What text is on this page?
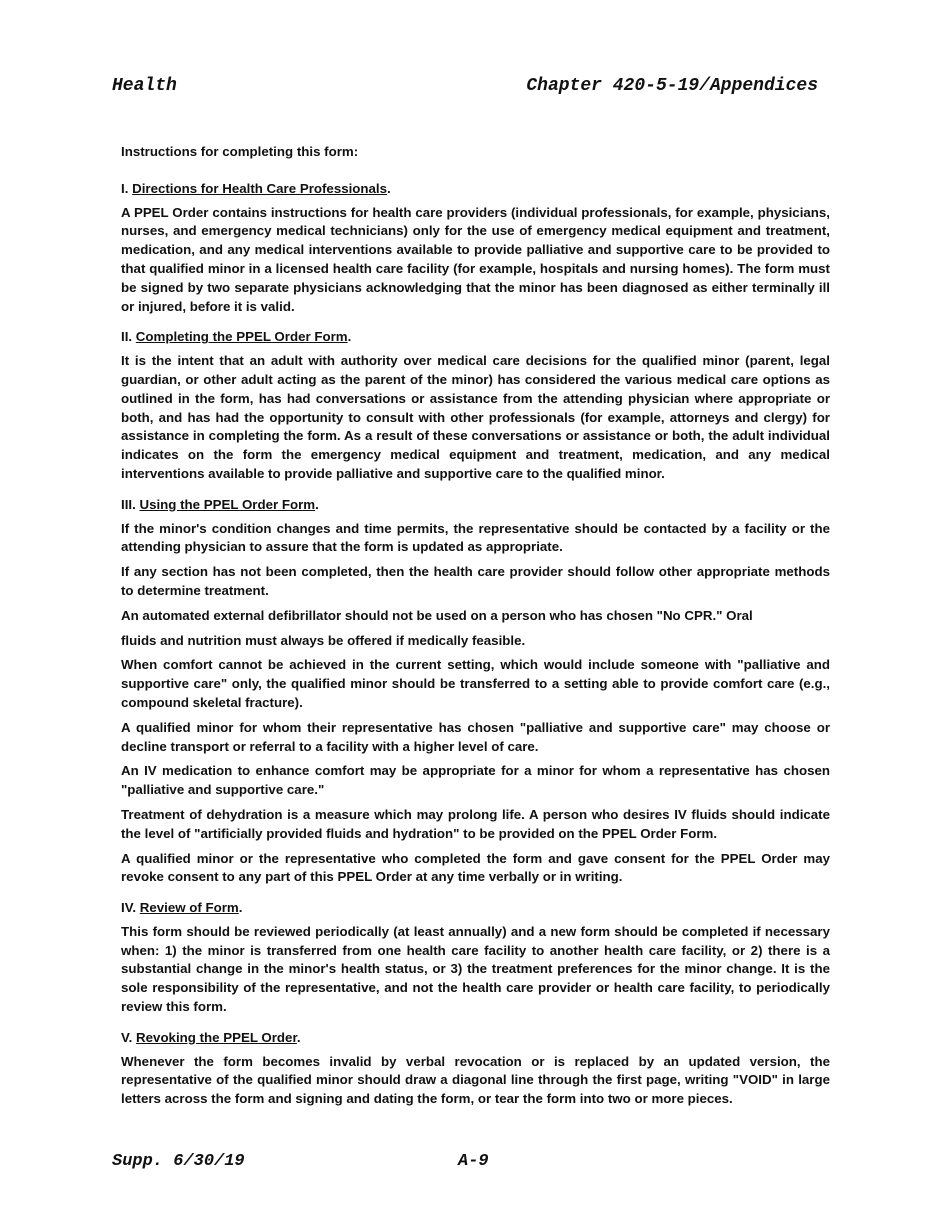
Health	Chapter 420-5-19/Appendices

Instructions for completing this form:

I. Directions for Health Care Professionals.

A PPEL Order contains instructions for health care providers (individual professionals, for example, physicians, nurses, and emergency medical technicians) only for the use of emergency medical equipment and treatment, medication, and any medical interventions available to provide palliative and supportive care to be provided to that qualified minor in a licensed health care facility (for example, hospitals and nursing homes). The form must be signed by two separate physicians acknowledging that the minor has been diagnosed as either terminally ill or injured, before it is valid.

II. Completing the PPEL Order Form.

It is the intent that an adult with authority over medical care decisions for the qualified minor (parent, legal guardian, or other adult acting as the parent of the minor) has considered the various medical care options as outlined in the form, has had conversations or assistance from the attending physician where appropriate or both, and has had the opportunity to consult with other professionals (for example, attorneys and clergy) for assistance in completing the form. As a result of these conversations or assistance or both, the adult individual indicates on the form the emergency medical equipment and treatment, medication, and any medical interventions available to provide palliative and supportive care to the qualified minor.

III. Using the PPEL Order Form.

If the minor's condition changes and time permits, the representative should be contacted by a facility or the attending physician to assure that the form is updated as appropriate.

If any section has not been completed, then the health care provider should follow other appropriate methods to determine treatment.

An automated external defibrillator should not be used on a person who has chosen "No CPR." Oral

fluids and nutrition must always be offered if medically feasible.

When comfort cannot be achieved in the current setting, which would include someone with "palliative and supportive care" only, the qualified minor should be transferred to a setting able to provide comfort care (e.g., compound skeletal fracture).

A qualified minor for whom their representative has chosen "palliative and supportive care" may choose or decline transport or referral to a facility with a higher level of care.

An IV medication to enhance comfort may be appropriate for a minor for whom a representative has chosen "palliative and supportive care."

Treatment of dehydration is a measure which may prolong life. A person who desires IV fluids should indicate the level of "artificially provided fluids and hydration" to be provided on the PPEL Order Form.

A qualified minor or the representative who completed the form and gave consent for the PPEL Order may revoke consent to any part of this PPEL Order at any time verbally or in writing.

IV. Review of Form.

This form should be reviewed periodically (at least annually) and a new form should be completed if necessary when: 1) the minor is transferred from one health care facility to another health care facility, or 2) there is a substantial change in the minor's health status, or 3) the treatment preferences for the minor change. It is the sole responsibility of the representative, and not the health care provider or health care facility, to periodically review this form.

V. Revoking the PPEL Order.

Whenever the form becomes invalid by verbal revocation or is replaced by an updated version, the representative of the qualified minor should draw a diagonal line through the first page, writing "VOID" in large letters across the form and signing and dating the form, or tear the form into two or more pieces.

Supp. 6/30/19	A-9
